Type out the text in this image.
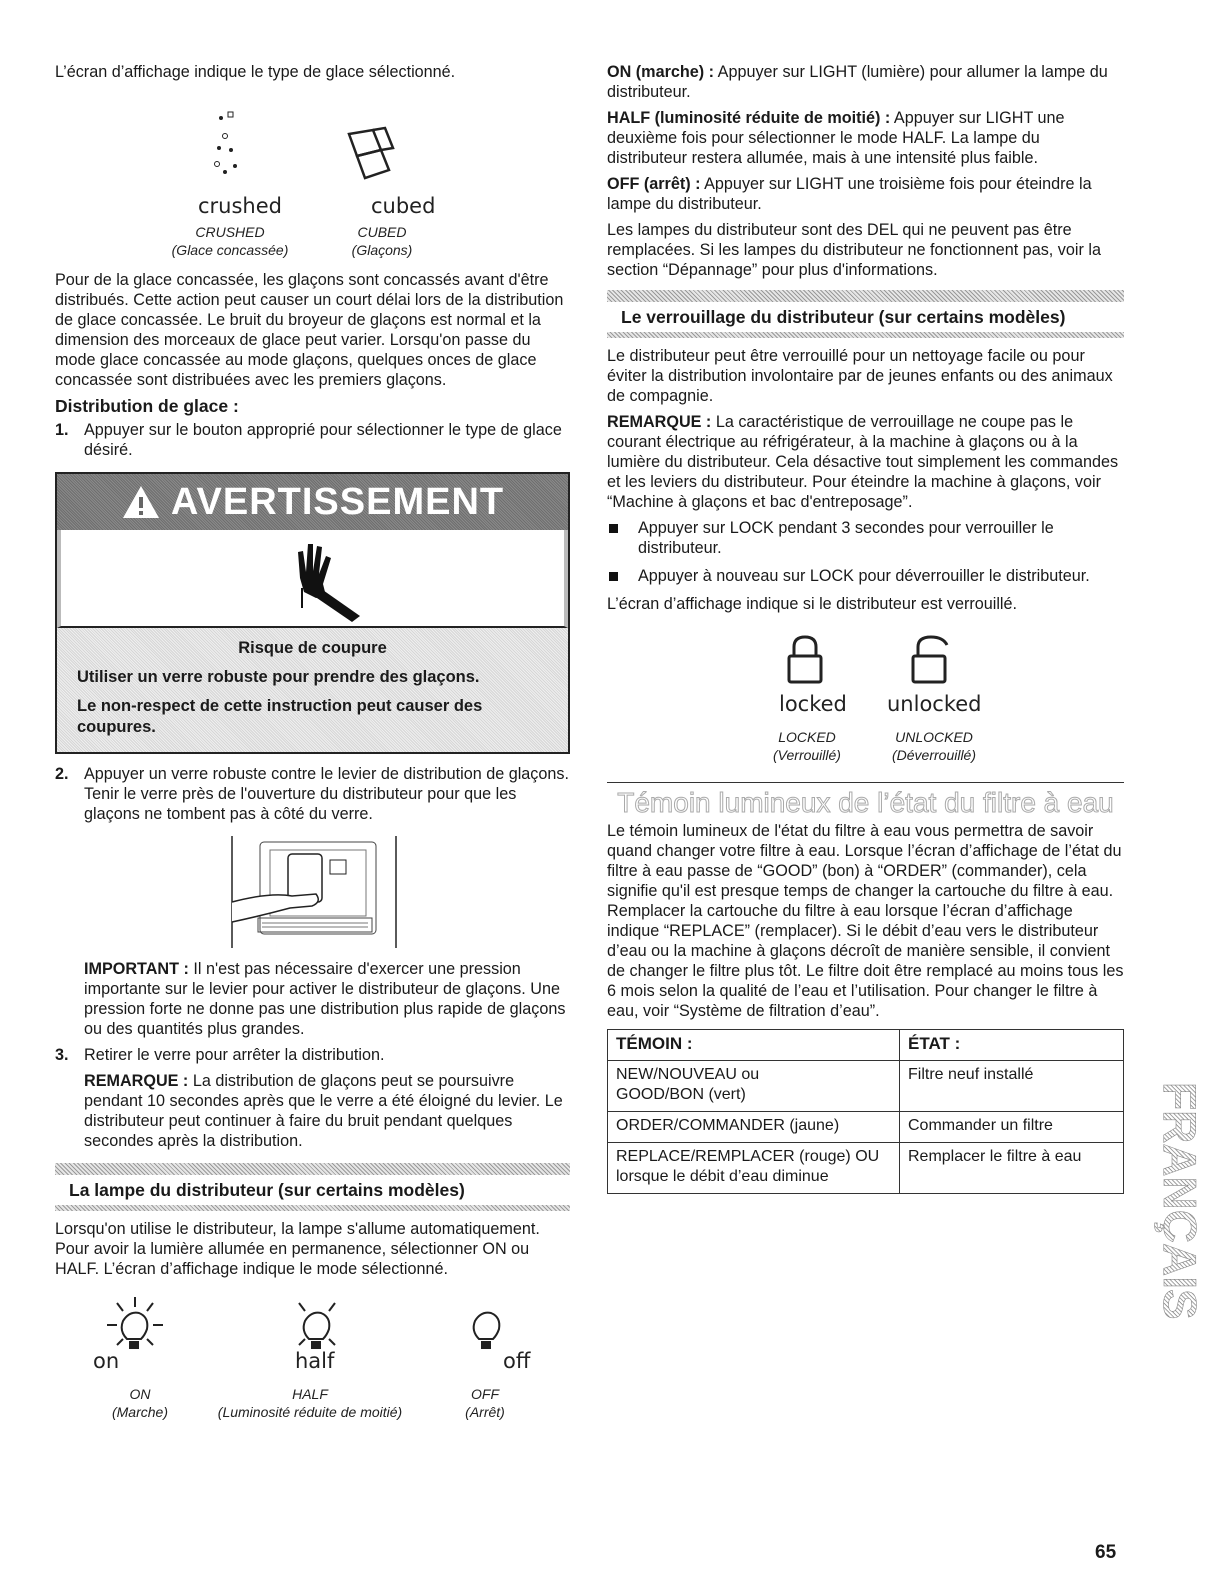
L’écran d’affichage indique le type de glace sélectionné.

crushed	cubed
CRUSHED
(Glace concassée)
CUBED
(Glaçons)

Pour de la glace concassée, les glaçons sont concassés avant d'être distribués. Cette action peut causer un court délai lors de la distribution de glace concassée. Le bruit du broyeur de glaçons est normal et la dimension des morceaux de glace peut varier. Lorsqu'on passe du mode glace concassée au mode glaçons, quelques onces de glace concassée sont distribuées avec les premiers glaçons.

Distribution de glace :
1. Appuyer sur le bouton approprié pour sélectionner le type de glace désiré.
AVERTISSEMENT
Risque de coupure
Utiliser un verre robuste pour prendre des glaçons.
Le non-respect de cette instruction peut causer des coupures.
2. Appuyer un verre robuste contre le levier de distribution de glaçons. Tenir le verre près de l'ouverture du distributeur pour que les glaçons ne tombent pas à côté du verre.

IMPORTANT : Il n'est pas nécessaire d'exercer une pression importante sur le levier pour activer le distributeur de glaçons. Une pression forte ne donne pas une distribution plus rapide de glaçons ou des quantités plus grandes.

3. Retirer le verre pour arrêter la distribution.

REMARQUE : La distribution de glaçons peut se poursuivre pendant 10 secondes après que le verre a été éloigné du levier. Le distributeur peut continuer à faire du bruit pendant quelques secondes après la distribution.

La lampe du distributeur (sur certains modèles)

Lorsqu'on utilise le distributeur, la lampe s'allume automatiquement. Pour avoir la lumière allumée en permanence, sélectionner ON ou HALF. L’écran d’affichage indique le mode sélectionné.

on	half	off
ON
(Marche)
HALF
(Luminosité réduite de moitié)
OFF
(Arrêt)

ON (marche) : Appuyer sur LIGHT (lumière) pour allumer la lampe du distributeur.

HALF (luminosité réduite de moitié) : Appuyer sur LIGHT une deuxième fois pour sélectionner le mode HALF. La lampe du distributeur restera allumée, mais à une intensité plus faible.

OFF (arrêt) : Appuyer sur LIGHT une troisième fois pour éteindre la lampe du distributeur.

Les lampes du distributeur sont des DEL qui ne peuvent pas être remplacées. Si les lampes du distributeur ne fonctionnent pas, voir la section “Dépannage” pour plus d'informations.

Le verrouillage du distributeur (sur certains modèles)

Le distributeur peut être verrouillé pour un nettoyage facile ou pour éviter la distribution involontaire par de jeunes enfants ou des animaux de compagnie.

REMARQUE : La caractéristique de verrouillage ne coupe pas le courant électrique au réfrigérateur, à la machine à glaçons ou à la lumière du distributeur. Cela désactive tout simplement les commandes et les leviers du distributeur. Pour éteindre la machine à glaçons, voir “Machine à glaçons et bac d'entreposage”.

Appuyer sur LOCK pendant 3 secondes pour verrouiller le distributeur.
Appuyer à nouveau sur LOCK pour déverrouiller le distributeur.

L’écran d’affichage indique si le distributeur est verrouillé.

locked unlocked
LOCKED
(Verrouillé)
UNLOCKED
(Déverrouillé)
Témoin lumineux de l’état du filtre à eau

Le témoin lumineux de l'état du filtre à eau vous permettra de savoir quand changer votre filtre à eau. Lorsque l’écran d’affichage de l’état du filtre à eau passe de “GOOD” (bon) à “ORDER” (commander), cela signifie qu'il est presque temps de changer la cartouche du filtre à eau. Remplacer la cartouche du filtre à eau lorsque l’écran d’affichage indique “REPLACE” (remplacer). Si le débit d’eau vers le distributeur d’eau ou la machine à glaçons décroît de manière sensible, il convient de changer le filtre plus tôt. Le filtre doit être remplacé au moins tous les 6 mois selon la qualité de l’eau et l’utilisation. Pour changer le filtre à eau, voir “Système de filtration d’eau”.

TÉMOIN :	ÉTAT :
NEW/NOUVEAU ou GOOD/BON (vert)	Filtre neuf installé
ORDER/COMMANDER (jaune)	Commander un filtre
REPLACE/REMPLACER (rouge) OU lorsque le débit d’eau diminue	Remplacer le filtre à eau FRANÇAIS
65
